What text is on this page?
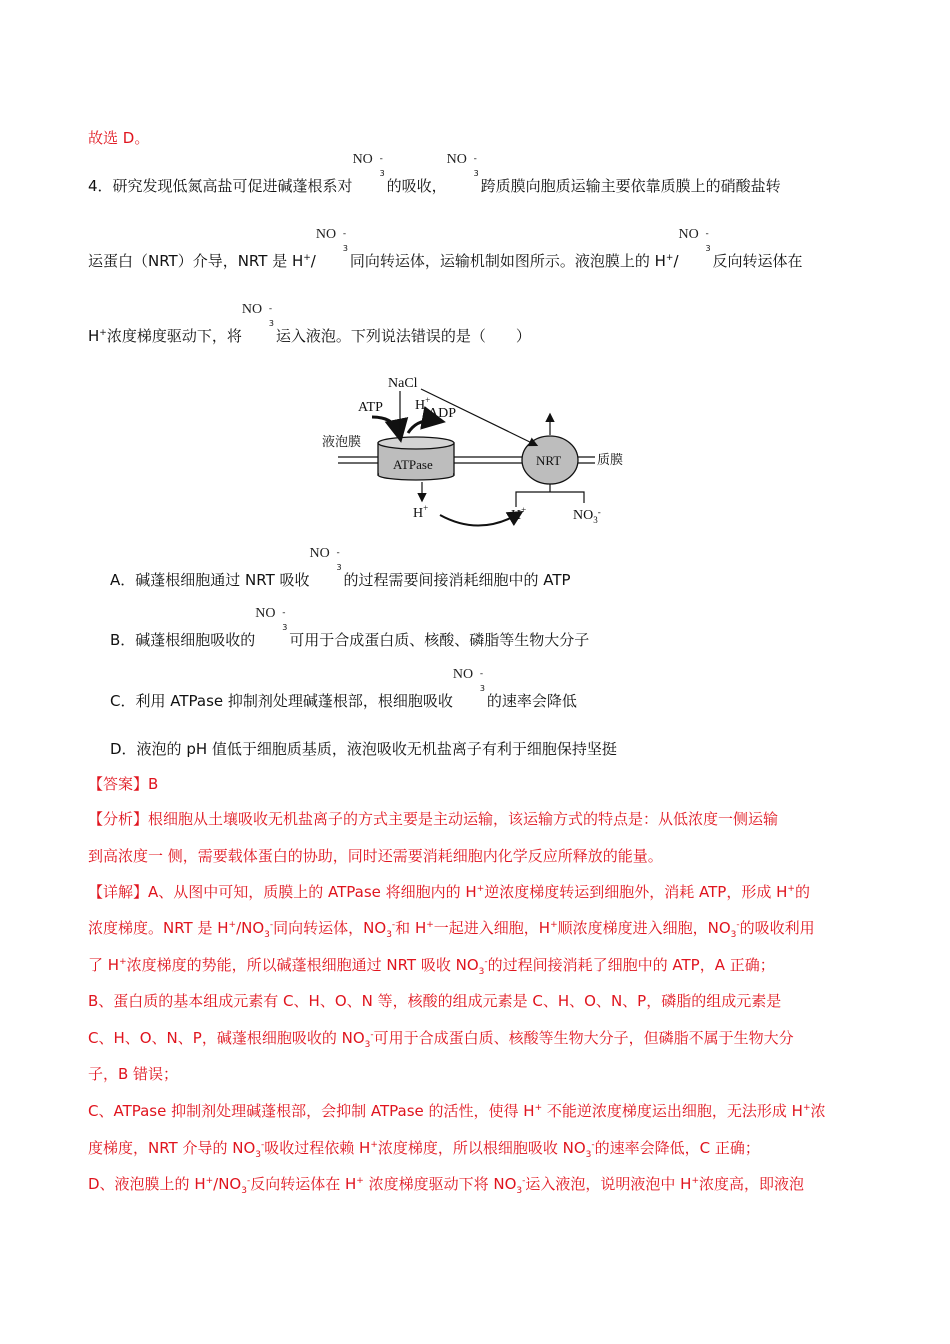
故选 D。
4．研究发现低氮高盐可促进碱蓬根系对
NO -
3
的吸收，
NO -
3
跨质膜向胞质运输主要依靠质膜上的硝酸盐转
运蛋白（NRT）介导，NRT 是 H+/
NO -
3
同向转运体，运输机制如图所示。液泡膜上的 H+/
NO -
3
反向转运体在
H+浓度梯度驱动下，将
NO -
3
运入液泡。下列说法错误的是（　　）
液泡膜
质膜
ATPase	NRT
NaCl
ATP H+
ADP
H+	H+	$NO_3^-$
A．碱蓬根细胞通过 NRT 吸收
NO -
3
的过程需要间接消耗细胞中的 ATP
B．碱蓬根细胞吸收的
NO -
3
可用于合成蛋白质、核酸、磷脂等生物大分子
C．利用 ATPase 抑制剂处理碱蓬根部，根细胞吸收
NO -
3
的速率会降低
D．液泡的 pH 值低于细胞质基质，液泡吸收无机盐离子有利于细胞保持坚挺
【答案】B
【分析】根细胞从土壤吸收无机盐离子的方式主要是主动运输，该运输方式的特点是：从低浓度一侧运输
到高浓度一 侧，需要载体蛋白的协助，同时还需要消耗细胞内化学反应所释放的能量。
【详解】A、从图中可知，质膜上的 ATPase 将细胞内的 H+逆浓度梯度转运到细胞外，消耗 ATP，形成 H+的
浓度梯度。NRT 是 $H^+/NO_3^-$同向转运体，$NO_3^-$和 H+一起进入细胞，H+顺浓度梯度进入细胞，$NO_3^-$的吸收利用
了 H+浓度梯度的势能，所以碱蓬根细胞通过 NRT 吸收 $NO_3^-$的过程间接消耗了细胞中的 ATP，A 正确；
B、蛋白质的基本组成元素有 C、H、O、N 等，核酸的组成元素是 C、H、O、N、P，磷脂的组成元素是
C、H、O、N、P，碱蓬根细胞吸收的 $NO_3^-$可用于合成蛋白质、核酸等生物大分子，但磷脂不属于生物大分
子，B 错误；
C、ATPase 抑制剂处理碱蓬根部，会抑制 ATPase 的活性，使得 H+ 不能逆浓度梯度运出细胞，无法形成 H+浓
度梯度，NRT 介导的 $NO_3^-$吸收过程依赖 H+浓度梯度，所以根细胞吸收 $NO_3^-$的速率会降低，C 正确；
D、液泡膜上的 $H^+/NO_3^-$反向转运体在 H+ 浓度梯度驱动下将 $NO_3^-$运入液泡，说明液泡中 H+浓度高，即液泡
